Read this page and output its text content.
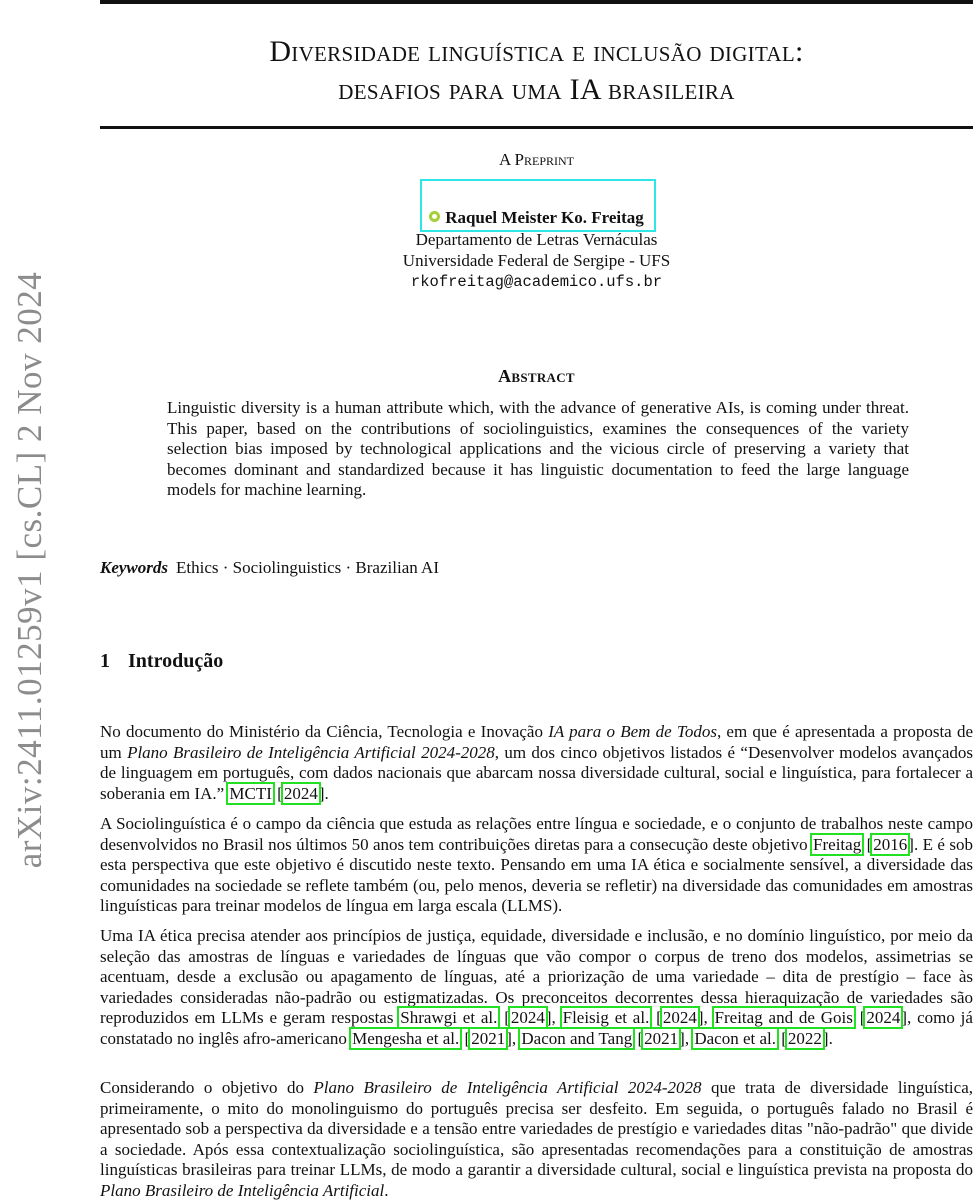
arXiv:2411.01259v1 [cs.CL] 2 Nov 2024
Diversidade linguística e inclusão digital:
desafios para uma IA brasileira
A Preprint
Raquel Meister Ko. Freitag
Departamento de Letras Vernáculas
Universidade Federal de Sergipe - UFS
rkofreitag@academico.ufs.br
Abstract
Linguistic diversity is a human attribute which, with the advance of generative AIs, is coming under threat. This paper, based on the contributions of sociolinguistics, examines the consequences of the variety selection bias imposed by technological applications and the vicious circle of preserving a variety that becomes dominant and standardized because it has linguistic documentation to feed the large language models for machine learning.
Keywords Ethics · Sociolinguistics · Brazilian AI
1 Introdução
No documento do Ministério da Ciência, Tecnologia e Inovação IA para o Bem de Todos, em que é apresentada a proposta de um Plano Brasileiro de Inteligência Artificial 2024-2028, um dos cinco objetivos listados é “Desenvolver modelos avançados de linguagem em português, com dados nacionais que abarcam nossa diversidade cultural, social e linguística, para fortalecer a soberania em IA.” MCTI [2024].
A Sociolinguística é o campo da ciência que estuda as relações entre língua e sociedade, e o conjunto de trabalhos neste campo desenvolvidos no Brasil nos últimos 50 anos tem contribuições diretas para a consecução deste objetivo Freitag [2016]. E é sob esta perspectiva que este objetivo é discutido neste texto. Pensando em uma IA ética e socialmente sensível, a diversidade das comunidades na sociedade se reflete também (ou, pelo menos, deveria se refletir) na diversidade das comunidades em amostras linguísticas para treinar modelos de língua em larga escala (LLMS).
Uma IA ética precisa atender aos princípios de justiça, equidade, diversidade e inclusão, e no domínio linguístico, por meio da seleção das amostras de línguas e variedades de línguas que vão compor o corpus de treno dos modelos, assimetrias se acentuam, desde a exclusão ou apagamento de línguas, até a priorização de uma variedade – dita de prestígio – face às variedades consideradas não-padrão ou estigmatizadas. Os preconceitos decorrentes dessa hieraquização de variedades são reproduzidos em LLMs e geram respostas Shrawgi et al. [2024], Fleisig et al. [2024], Freitag and de Gois [2024], como já constatado no inglês afro-americano Mengesha et al. [2021], Dacon and Tang [2021], Dacon et al. [2022].
Considerando o objetivo do Plano Brasileiro de Inteligência Artificial 2024-2028 que trata de diversidade linguística, primeiramente, o mito do monolinguismo do português precisa ser desfeito. Em seguida, o português falado no Brasil é apresentado sob a perspectiva da diversidade e a tensão entre variedades de prestígio e variedades ditas "não-padrão" que divide a sociedade. Após essa contextualização sociolinguística, são apresentadas recomendações para a constituição de amostras linguísticas brasileiras para treinar LLMs, de modo a garantir a diversidade cultural, social e linguística prevista na proposta do Plano Brasileiro de Inteligência Artificial.
